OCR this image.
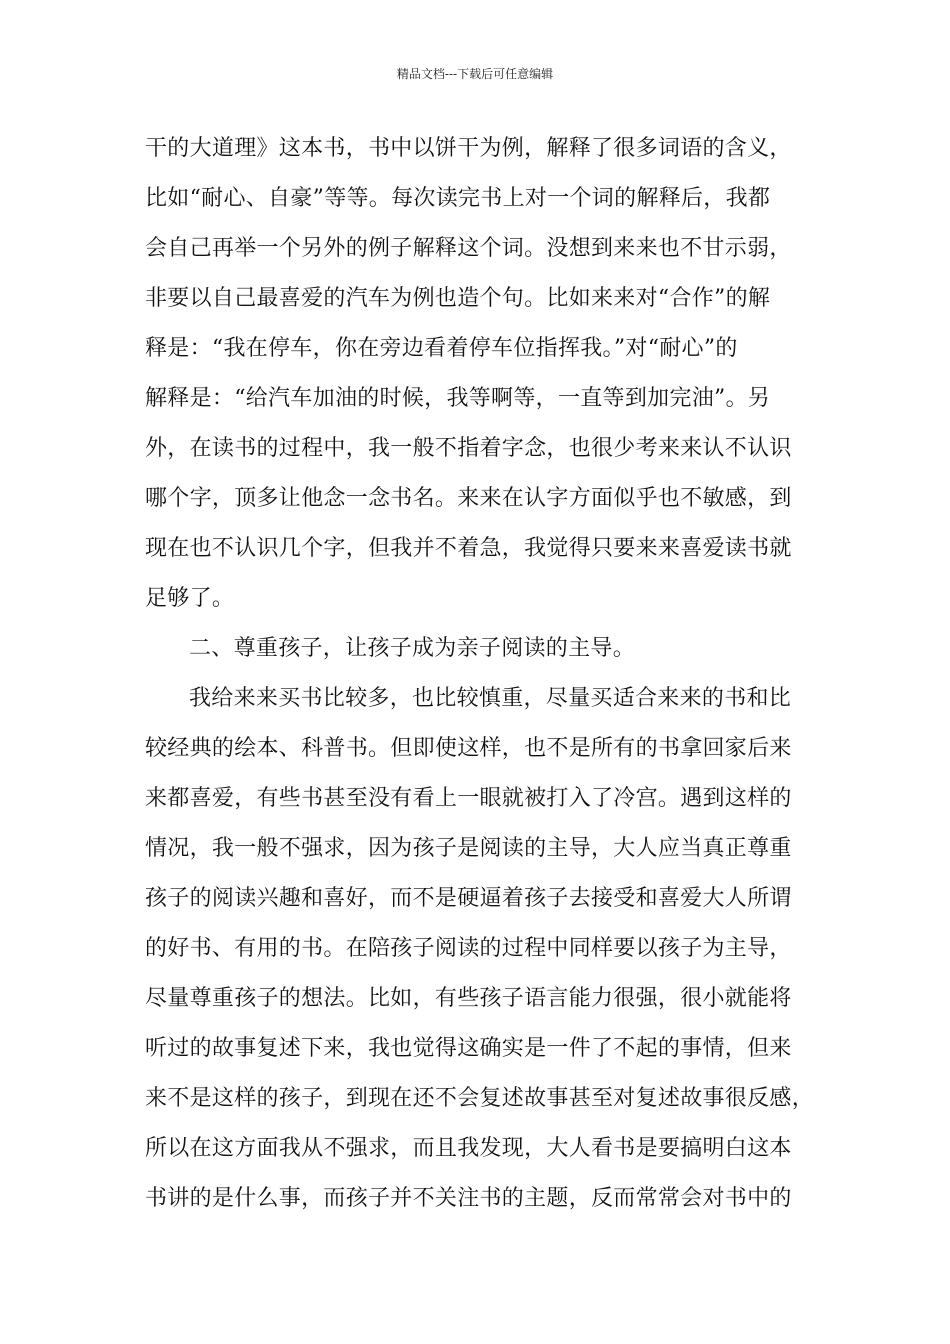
精品文档---下载后可任意编辑
干的大道理》这本书，书中以饼干为例，解释了很多词语的含义，
比如“耐心、自豪”等等。每次读完书上对一个词的解释后，我都
会自己再举一个另外的例子解释这个词。没想到来来也不甘示弱，
非要以自己最喜爱的汽车为例也造个句。比如来来对“合作”的解
释是：“我在停车，你在旁边看着停车位指挥我。”对“耐心”的
解释是：“给汽车加油的时候，我等啊等，一直等到加完油”。另
外，在读书的过程中，我一般不指着字念，也很少考来来认不认识
哪个字，顶多让他念一念书名。来来在认字方面似乎也不敏感，到
现在也不认识几个字，但我并不着急，我觉得只要来来喜爱读书就
足够了。
二、尊重孩子，让孩子成为亲子阅读的主导。
我给来来买书比较多，也比较慎重，尽量买适合来来的书和比
较经典的绘本、科普书。但即使这样，也不是所有的书拿回家后来
来都喜爱，有些书甚至没有看上一眼就被打入了冷宫。遇到这样的
情况，我一般不强求，因为孩子是阅读的主导，大人应当真正尊重
孩子的阅读兴趣和喜好，而不是硬逼着孩子去接受和喜爱大人所谓
的好书、有用的书。在陪孩子阅读的过程中同样要以孩子为主导，
尽量尊重孩子的想法。比如，有些孩子语言能力很强，很小就能将
听过的故事复述下来，我也觉得这确实是一件了不起的事情，但来
来不是这样的孩子，到现在还不会复述故事甚至对复述故事很反感，
所以在这方面我从不强求，而且我发现，大人看书是要搞明白这本
书讲的是什么事，而孩子并不关注书的主题，反而常常会对书中的
